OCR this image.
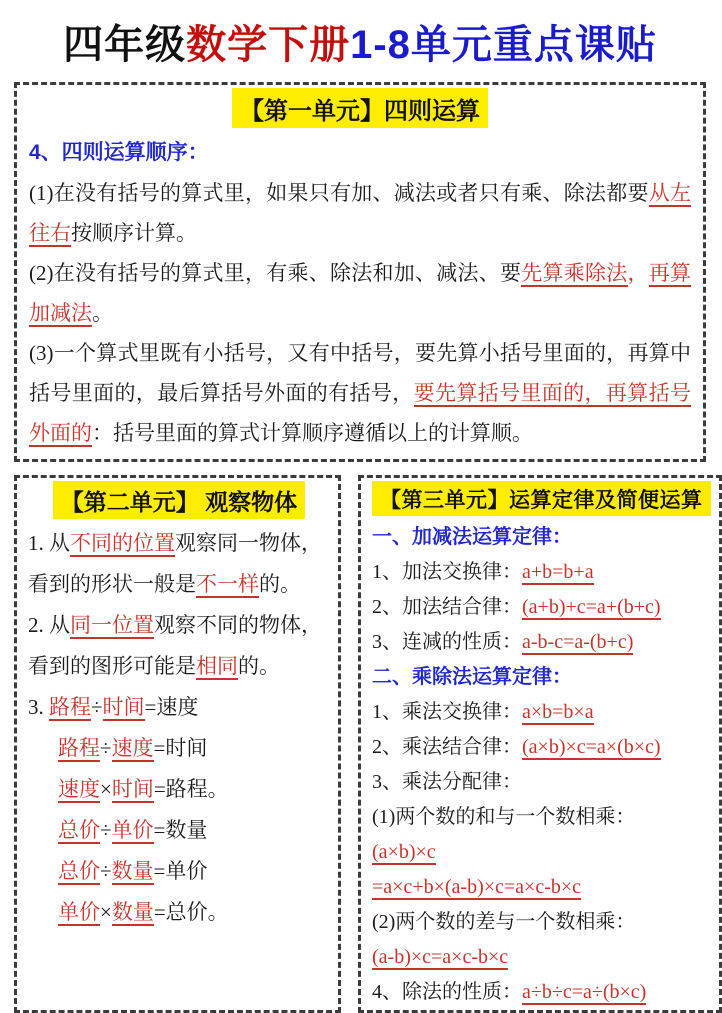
四年级数学下册1-8单元重点课贴
【第一单元】四则运算
4、四则运算顺序：
(1)在没有括号的算式里，如果只有加、减法或者只有乘、除法都要从左往右按顺序计算。
(2)在没有括号的算式里，有乘、除法和加、减法、要先算乘除法，再算加减法。
(3)一个算式里既有小括号，又有中括号，要先算小括号里面的，再算中括号里面的，最后算括号外面的有括号，要先算括号里面的，再算括号外面的：括号里面的算式计算顺序遵循以上的计算顺。
【第二单元】 观察物体
1. 从不同的位置观察同一物体，看到的形状一般是不一样的。
2. 从同一位置观察不同的物体，看到的图形可能是相同的。
3. 路程÷时间=速度
路程÷速度=时间
速度×时间=路程。
总价÷单价=数量
总价÷数量=单价
单价×数量=总价。
【第三单元】运算定律及简便运算
一、加减法运算定律：
1、加法交换律：a+b=b+a
2、加法结合律：(a+b)+c=a+(b+c)
3、连减的性质：a-b-c=a-(b+c)
二、乘除法运算定律：
1、乘法交换律：a×b=b×a
2、乘法结合律：(a×b)×c=a×(b×c)
3、乘法分配律：
(1)两个数的和与一个数相乘：
(a×b)×c
=a×c+b×(a-b)×c=a×c-b×c
(2)两个数的差与一个数相乘：
(a-b)×c=a×c-b×c
4、除法的性质：a÷b÷c=a÷(b×c)
